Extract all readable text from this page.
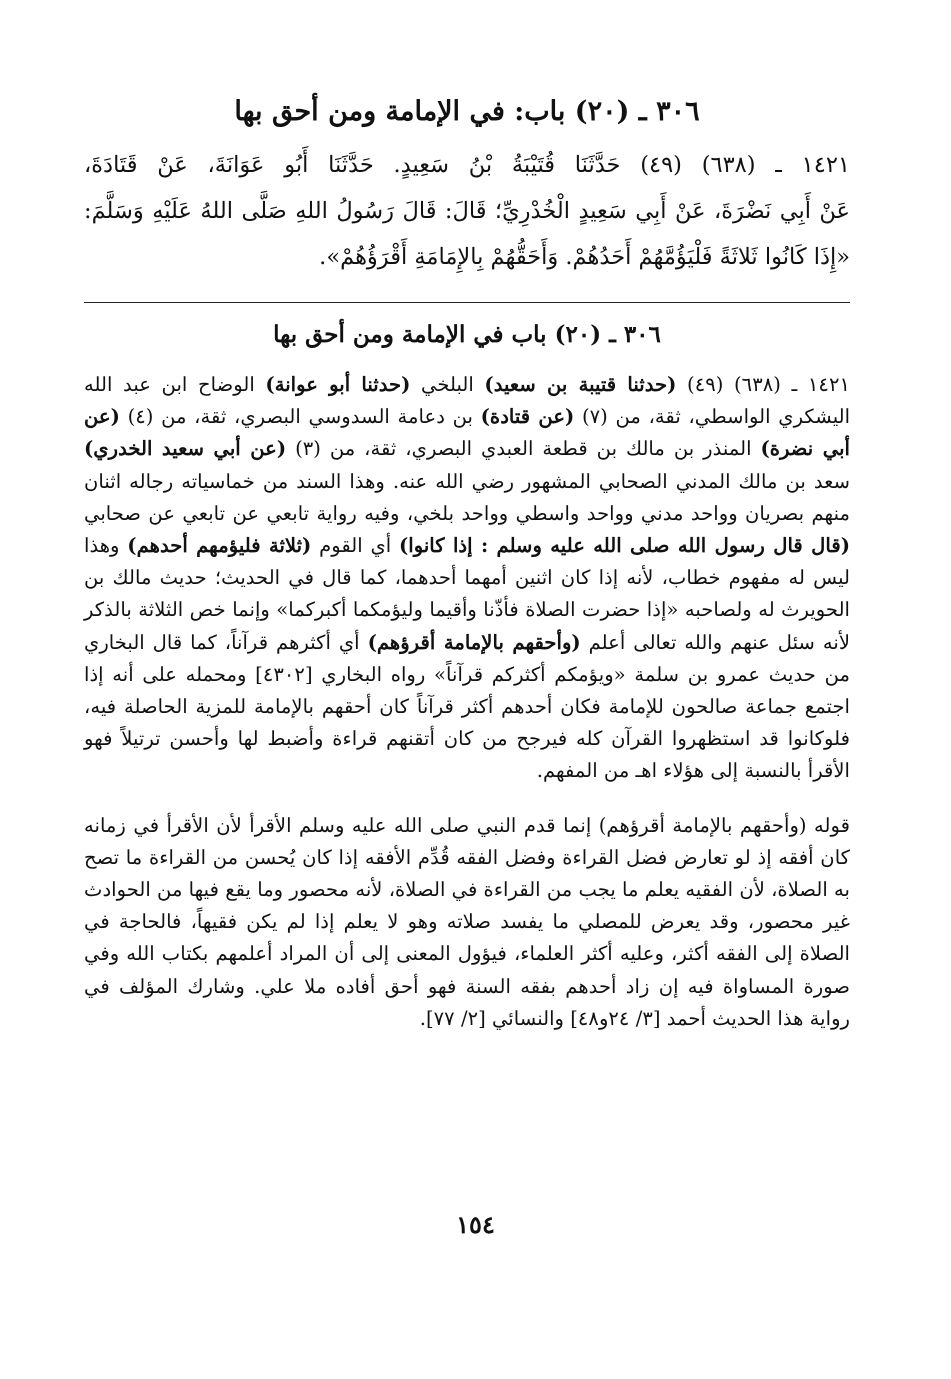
٣٠٦ ـ (٢٠) باب: في الإمامة ومن أحق بها

١٤٢١ ـ (٦٣٨) (٤٩) حَدَّثَنَا قُتَيْبَةُ بْنُ سَعِيدٍ. حَدَّثَنَا أَبُو عَوَانَةَ، عَنْ قَتَادَةَ،
عَنْ أَبِي نَضْرَةَ، عَنْ أَبِي سَعِيدٍ الْخُدْرِيِّ؛ قَالَ: قَالَ رَسُولُ اللهِ صَلَّى اللهُ عَلَيْهِ وَسَلَّمَ:
«إِذَا كَانُوا ثَلاثَةً فَلْيَؤُمَّهُمْ أَحَدُهُمْ. وَأَحَقُّهُمْ بِالإِمَامَةِ أَقْرَؤُهُمْ».

٣٠٦ ـ (٢٠) باب في الإمامة ومن أحق بها

١٤٢١ ـ (٦٣٨) (٤٩) (حدثنا قتيبة بن سعيد) البلخي (حدثنا أبو عوانة) الوضاح ابن عبد الله اليشكري الواسطي، ثقة، من (٧) (عن قتادة) بن دعامة السدوسي البصري، ثقة، من (٤) (عن أبي نضرة) المنذر بن مالك بن قطعة العبدي البصري، ثقة، من (٣) (عن أبي سعيد الخدري) سعد بن مالك المدني الصحابي المشهور رضي الله عنه. وهذا السند من خماسياته رجاله اثنان منهم بصريان وواحد مدني وواحد واسطي وواحد بلخي، وفيه رواية تابعي عن تابعي عن صحابي (قال قال رسول الله صلى الله عليه وسلم : إذا كانوا) أي القوم (ثلاثة فليؤمهم أحدهم) وهذا ليس له مفهوم خطاب، لأنه إذا كان اثنين أمهما أحدهما، كما قال في الحديث؛ حديث مالك بن الحويرث له ولصاحبه «إذا حضرت الصلاة فأذّنا وأقيما وليؤمكما أكبركما» وإنما خص الثلاثة بالذكر لأنه سئل عنهم والله تعالى أعلم (وأحقهم بالإمامة أقرؤهم) أي أكثرهم قرآناً، كما قال البخاري من حديث عمرو بن سلمة «ويؤمكم أكثركم قرآناً» رواه البخاري [٤٣٠٢] ومحمله على أنه إذا اجتمع جماعة صالحون للإمامة فكان أحدهم أكثر قرآناً كان أحقهم بالإمامة للمزية الحاصلة فيه، فلوكانوا قد استظهروا القرآن كله فيرجح من كان أتقنهم قراءة وأضبط لها وأحسن ترتيلاً فهو الأقرأ بالنسبة إلى هؤلاء اهـ من المفهم.

قوله (وأحقهم بالإمامة أقرؤهم) إنما قدم النبي صلى الله عليه وسلم الأقرأ لأن الأقرأ في زمانه كان أفقه إذ لو تعارض فضل القراءة وفضل الفقه قُدِّم الأفقه إذا كان يُحسن من القراءة ما تصح به الصلاة، لأن الفقيه يعلم ما يجب من القراءة في الصلاة، لأنه محصور وما يقع فيها من الحوادث غير محصور، وقد يعرض للمصلي ما يفسد صلاته وهو لا يعلم إذا لم يكن فقيهاً، فالحاجة في الصلاة إلى الفقه أكثر، وعليه أكثر العلماء، فيؤول المعنى إلى أن المراد أعلمهم بكتاب الله وفي صورة المساواة فيه إن زاد أحدهم بفقه السنة فهو أحق أفاده ملا علي. وشارك المؤلف في رواية هذا الحديث أحمد [٣/ ٢٤و٤٨] والنسائي [٢/ ٧٧].

١٥٤
